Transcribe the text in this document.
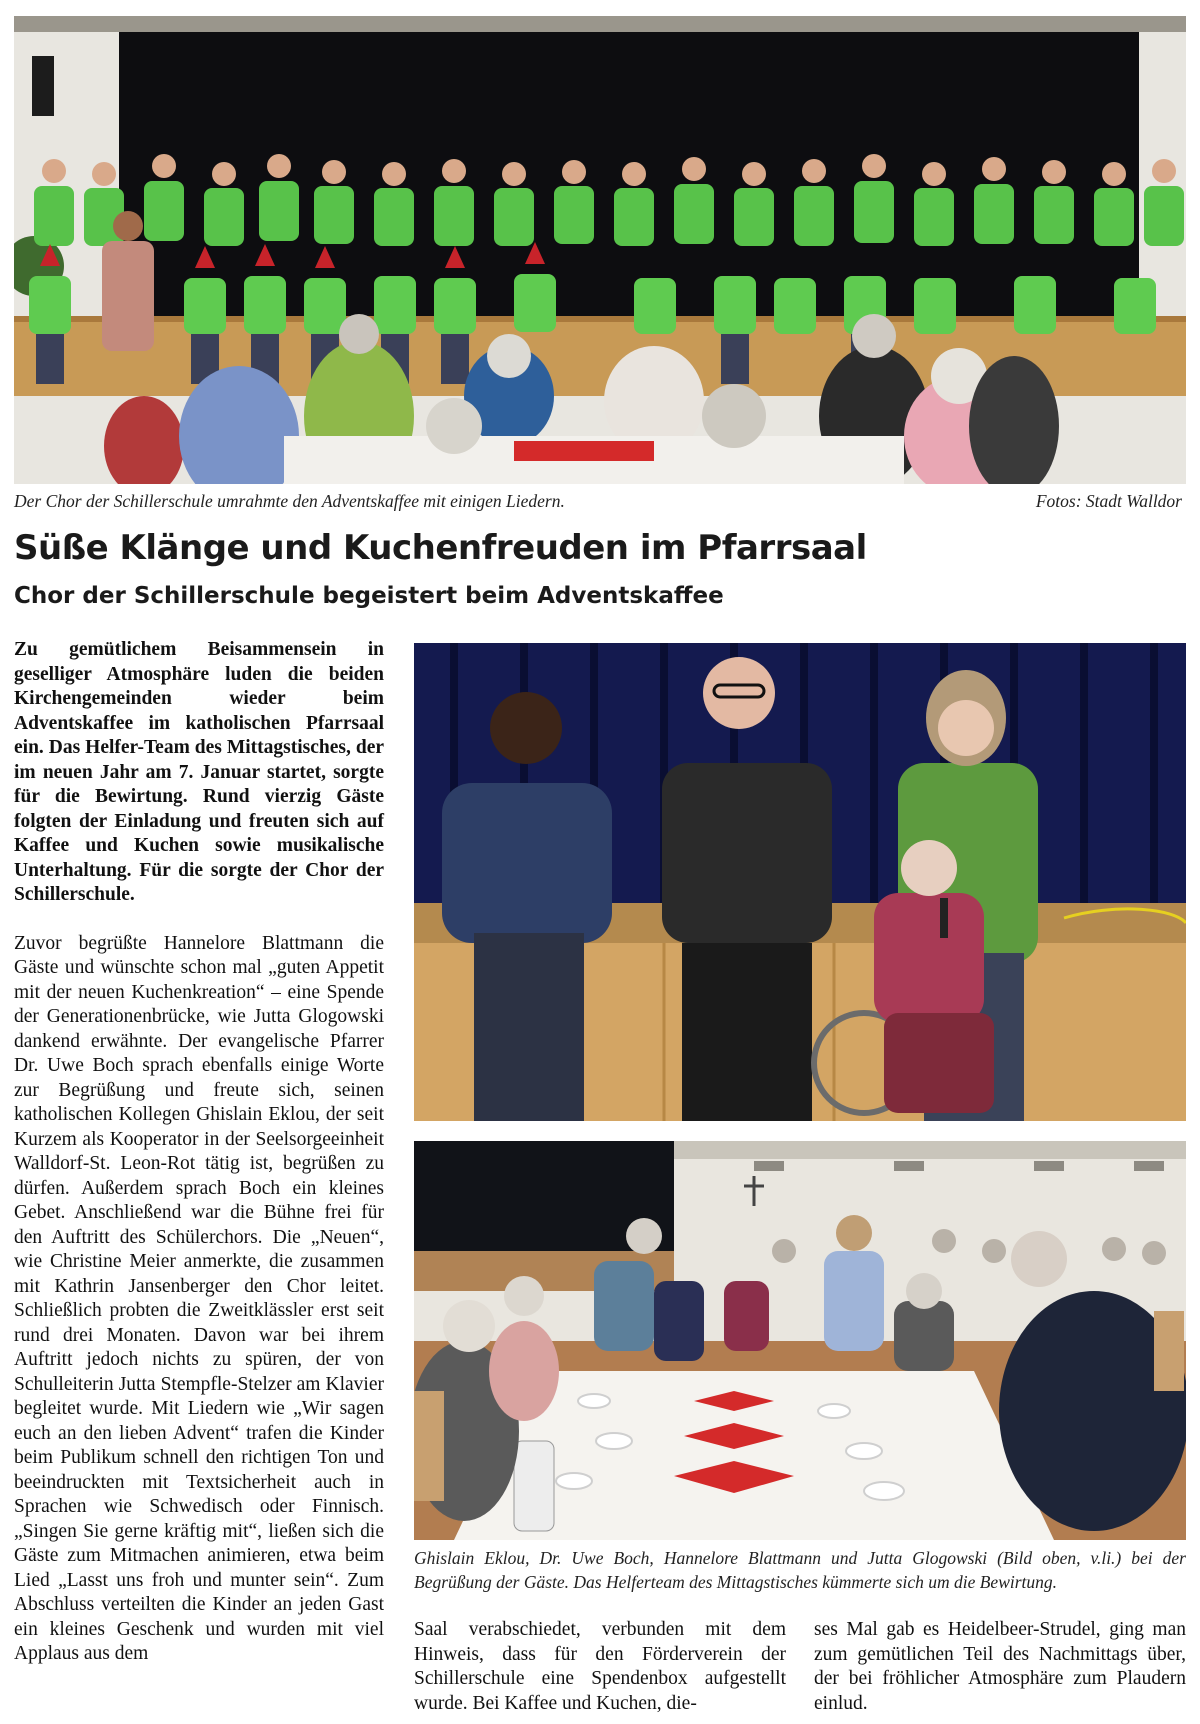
Der Chor der Schillerschule umrahmte den Adventskaffee mit einigen Liedern.	Fotos: Stadt Walldor
Süße Klänge und Kuchenfreuden im Pfarrsaal
Chor der Schillerschule begeistert beim Adventskaffee

Zu gemütlichem Beisammensein in geselliger Atmosphäre luden die beiden Kirchengemeinden wieder beim Adventskaffee im katholischen Pfarrsaal ein. Das Helfer-Team des Mittagstisches, der im neuen Jahr am 7. Januar startet, sorgte für die Bewirtung. Rund vierzig Gäste folgten der Einladung und freuten sich auf Kaffee und Kuchen sowie musikalische Unterhaltung. Für die sorgte der Chor der Schillerschule.

Zuvor begrüßte Hannelore Blattmann die Gäste und wünschte schon mal „guten Appetit mit der neuen Kuchenkreation“ – eine Spende der Generationenbrücke, wie Jutta Glogowski dankend erwähnte. Der evangelische Pfarrer Dr. Uwe Boch sprach ebenfalls einige Worte zur Begrüßung und freute sich, seinen katholischen Kollegen Ghislain Eklou, der seit Kurzem als Kooperator in der Seelsorgeeinheit Walldorf-St. Leon-Rot tätig ist, begrüßen zu dürfen. Außerdem sprach Boch ein kleines Gebet. Anschließend war die Bühne frei für den Auftritt des Schülerchors. Die „Neuen“, wie Christine Meier anmerkte, die zusammen mit Kathrin Jansenberger den Chor leitet. Schließlich probten die Zweitklässler erst seit rund drei Monaten. Davon war bei ihrem Auftritt jedoch nichts zu spüren, der von Schulleiterin Jutta Stempfle-Stelzer am Klavier begleitet wurde. Mit Liedern wie „Wir sagen euch an den lieben Advent“ trafen die Kinder beim Publikum schnell den richtigen Ton und beeindruckten mit Textsicherheit auch in Sprachen wie Schwedisch oder Finnisch. „Singen Sie gerne kräftig mit“, ließen sich die Gäste zum Mitmachen animieren, etwa beim Lied „Lasst uns froh und munter sein“. Zum Abschluss verteilten die Kinder an jeden Gast ein kleines Geschenk und wurden mit viel Applaus aus dem

Ghislain Eklou, Dr. Uwe Boch, Hannelore Blattmann und Jutta Glogowski (Bild oben, v.li.) bei der Begrüßung der Gäste. Das Helferteam des Mittagstisches kümmerte sich um die Bewirtung.

Saal verabschiedet, verbunden mit dem Hinweis, dass für den Förderverein der Schillerschule eine Spendenbox aufgestellt wurde. Bei Kaffee und Kuchen, die-

ses Mal gab es Heidelbeer-Strudel, ging man zum gemütlichen Teil des Nachmittags über, der bei fröhlicher Atmosphäre zum Plaudern einlud.
